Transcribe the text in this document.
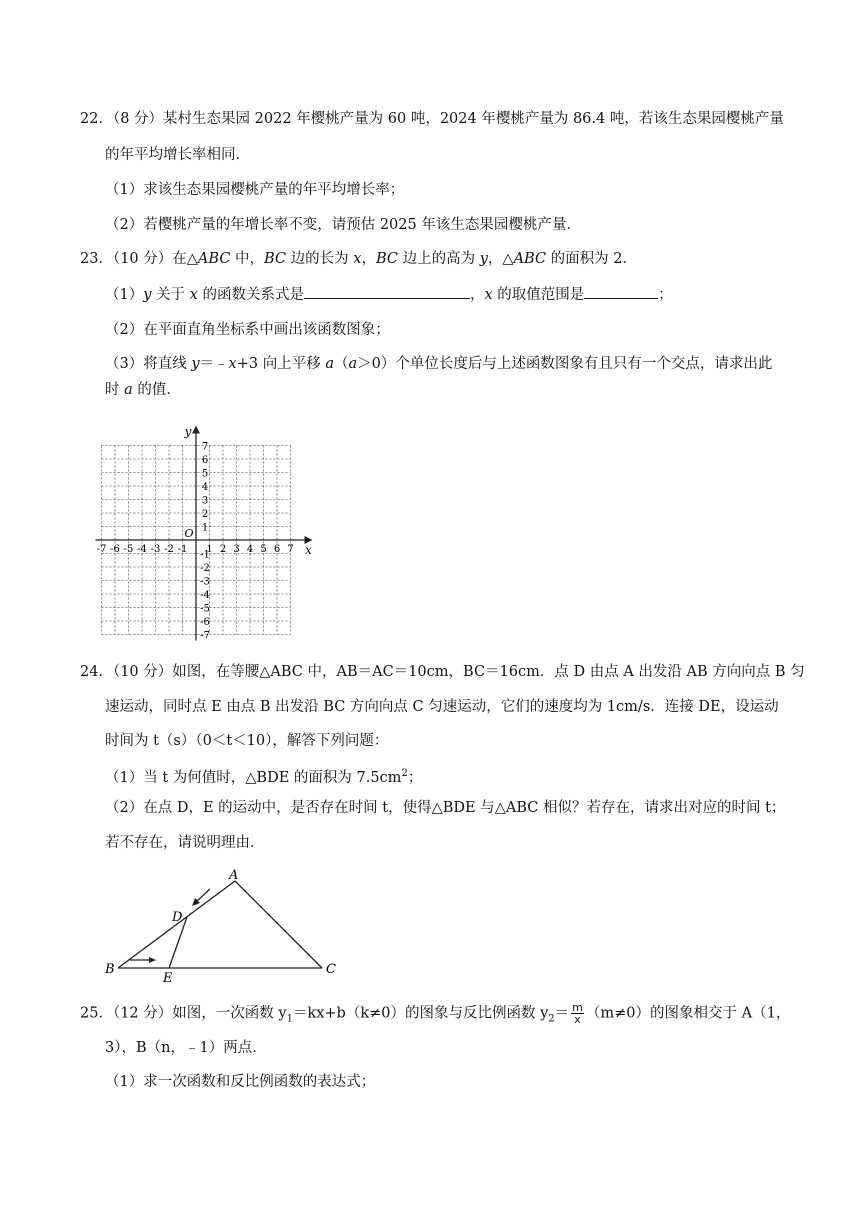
22．（8 分）某村生态果园 2022 年樱桃产量为 60 吨，2024 年樱桃产量为 86.4 吨，若该生态果园樱桃产量
的年平均增长率相同．
（1）求该生态果园樱桃产量的年平均增长率；
（2）若樱桃产量的年增长率不变，请预估 2025 年该生态果园樱桃产量．
23．（10 分）在△ABC 中，BC 边的长为 x，BC 边上的高为 y，△ABC 的面积为 2．
（1）y 关于 x 的函数关系式是	，x 的取值范围是	；
（2）在平面直角坐标系中画出该函数图象；
（3）将直线 y＝﹣x+3 向上平移 a（a＞0）个单位长度后与上述函数图象有且只有一个交点，请求出此
时 a 的值．
-7 -6 -5 -4 -3 -2 -1 1 2 3 4 5 6 7
7
6
5
4
3
2
1
-1
-2
-3
-4
-5
-6
-7
O
x
y
24．（10 分）如图，在等腰△ABC 中，AB＝AC＝10cm，BC＝16cm．点 D 由点 A 出发沿 AB 方向向点 B 匀
速运动，同时点 E 由点 B 出发沿 BC 方向向点 C 匀速运动，它们的速度均为 1cm/s．连接 DE，设运动
时间为 t（s）（0＜t＜10），解答下列问题：
（1）当 t 为何值时，△BDE 的面积为 $7.5cm^2$；
（2）在点 D，E 的运动中，是否存在时间 t，使得△BDE 与△ABC 相似？若存在，请求出对应的时间 t；
若不存在，请说明理由．
A
B	C
D
E
25．（12 分）如图，一次函数 $y_1=kx+b(k\ne 0)$的图象与反比例函数 $y_2= \frac{m}{x} (m\ne 0)$的图象相交于 A（1，
3），B（n，﹣1）两点．
（1）求一次函数和反比例函数的表达式；
